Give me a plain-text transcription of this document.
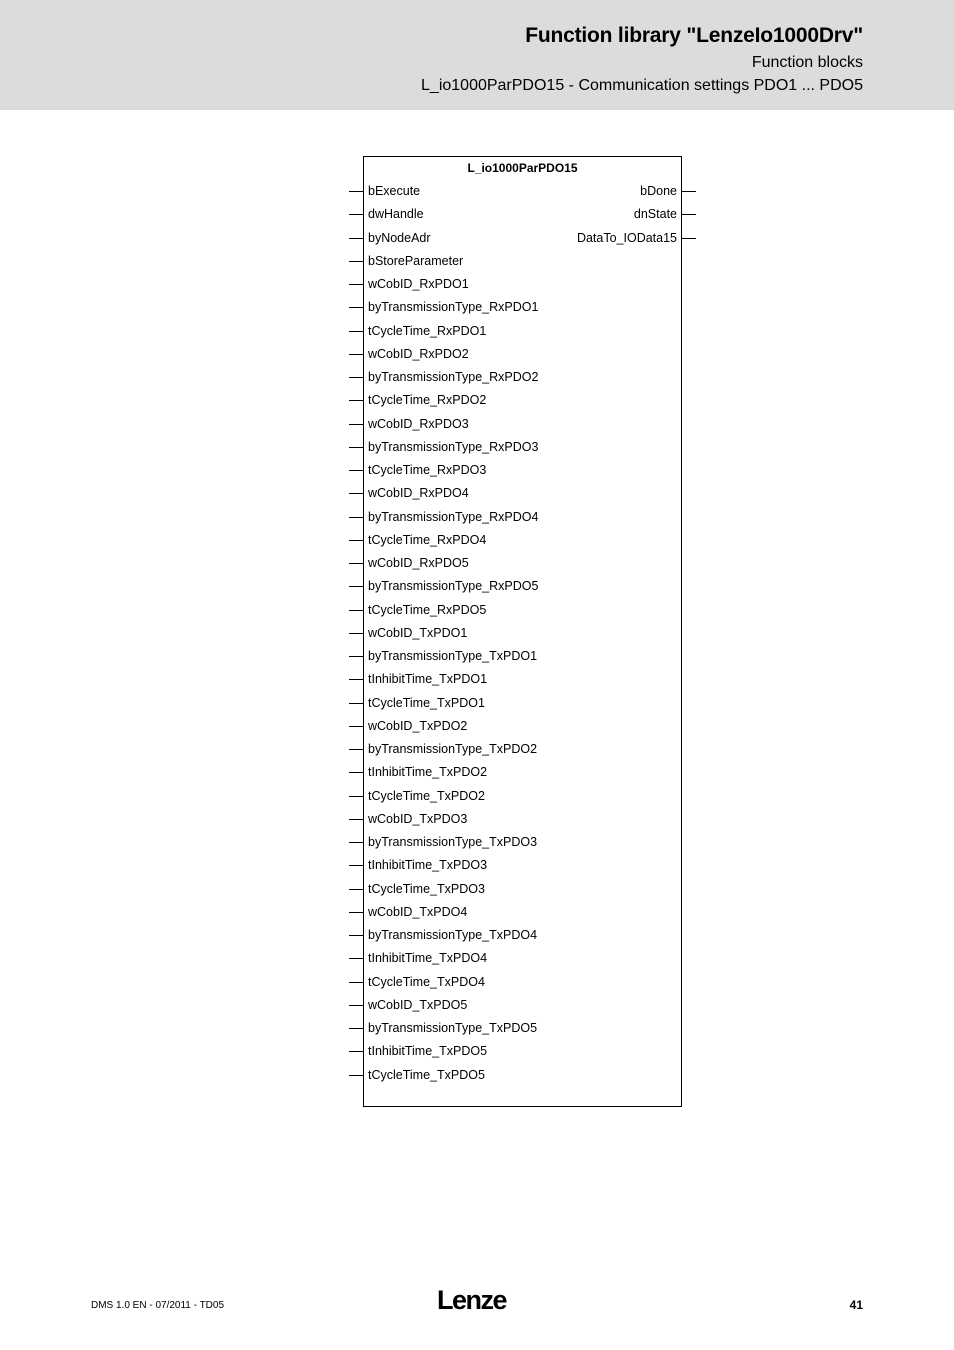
Function library "LenzeIo1000Drv"
Function blocks
L_io1000ParPDO15 - Communication settings PDO1 ... PDO5
L_io1000ParPDO15
bExecute
dwHandle
byNodeAdr
bStoreParameter
wCobID_RxPDO1
byTransmissionType_RxPDO1
tCycleTime_RxPDO1
wCobID_RxPDO2
byTransmissionType_RxPDO2
tCycleTime_RxPDO2
wCobID_RxPDO3
byTransmissionType_RxPDO3
tCycleTime_RxPDO3
wCobID_RxPDO4
byTransmissionType_RxPDO4
tCycleTime_RxPDO4
wCobID_RxPDO5
byTransmissionType_RxPDO5
tCycleTime_RxPDO5
wCobID_TxPDO1
byTransmissionType_TxPDO1
tInhibitTime_TxPDO1
tCycleTime_TxPDO1
wCobID_TxPDO2
byTransmissionType_TxPDO2
tInhibitTime_TxPDO2
tCycleTime_TxPDO2
wCobID_TxPDO3
byTransmissionType_TxPDO3
tInhibitTime_TxPDO3
tCycleTime_TxPDO3
wCobID_TxPDO4
byTransmissionType_TxPDO4
tInhibitTime_TxPDO4
tCycleTime_TxPDO4
wCobID_TxPDO5
byTransmissionType_TxPDO5
tInhibitTime_TxPDO5
tCycleTime_TxPDO5
bDone
dnState
DataTo_IOData15
DMS 1.0 EN - 07/2011 - TD05	Lenze	41
